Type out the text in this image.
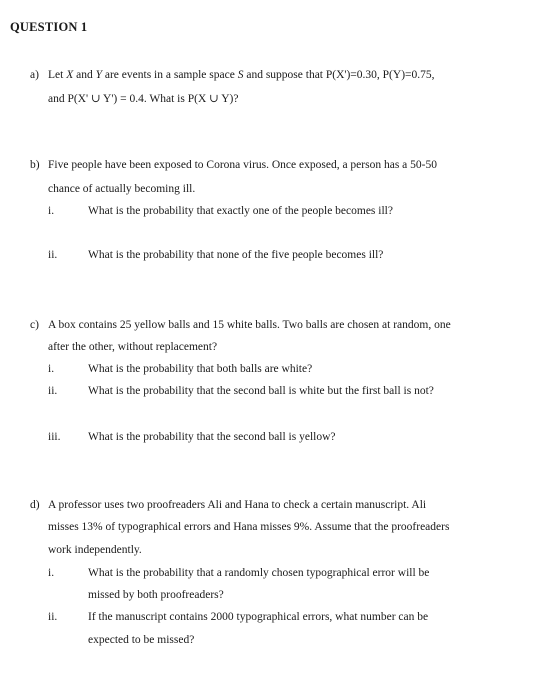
QUESTION 1
a) Let X and Y are events in a sample space S and suppose that P(X')=0.30, P(Y)=0.75,
and P(X' ∪ Y') = 0.4. What is P(X ∪ Y)?
b) Five people have been exposed to Corona virus. Once exposed, a person has a 50-50
chance of actually becoming ill.
i.	What is the probability that exactly one of the people becomes ill?
ii.	What is the probability that none of the five people becomes ill?
c) A box contains 25 yellow balls and 15 white balls. Two balls are chosen at random, one
after the other, without replacement?
i.	What is the probability that both balls are white?
ii.	What is the probability that the second ball is white but the first ball is not?
iii. What is the probability that the second ball is yellow?
d) A professor uses two proofreaders Ali and Hana to check a certain manuscript. Ali
misses 13% of typographical errors and Hana misses 9%. Assume that the proofreaders
work independently.
i.	What is the probability that a randomly chosen typographical error will be
missed by both proofreaders?
ii.	If the manuscript contains 2000 typographical errors, what number can be
expected to be missed?
